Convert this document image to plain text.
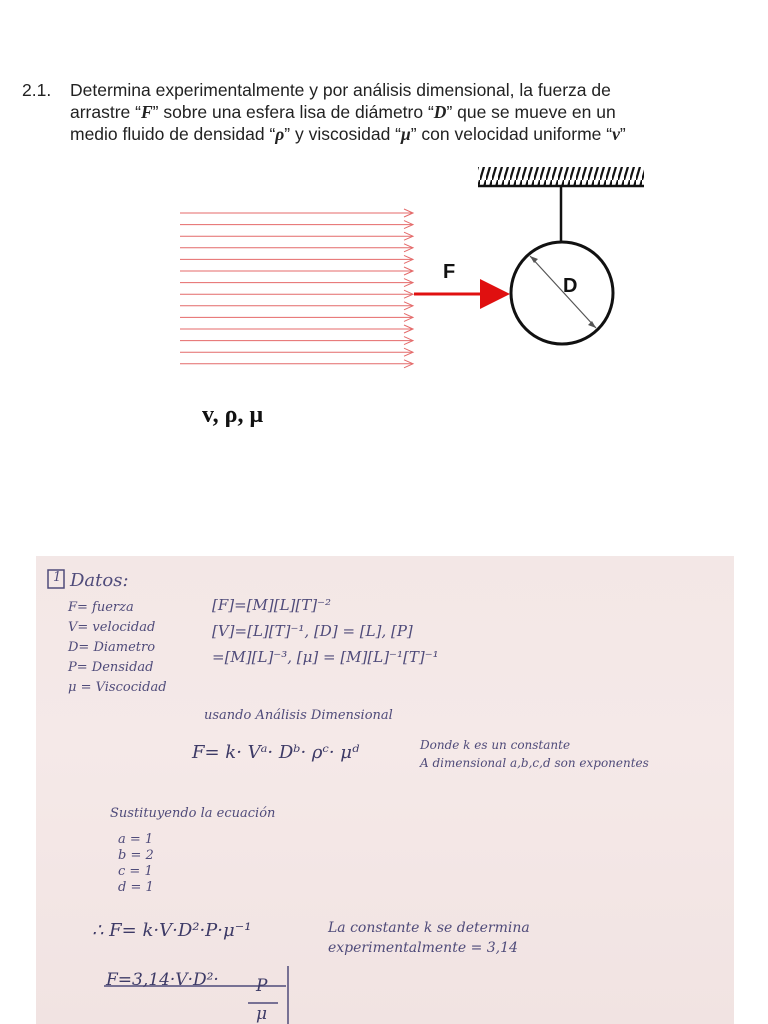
2.1. Determina experimentalmente y por análisis dimensional, la fuerza de
arrastre “F” sobre una esfera lisa de diámetro “D” que se mueve en un
medio fluido de densidad “ρ” y viscosidad “μ” con velocidad uniforme “v”
D
F
v, ρ, μ
1 Datos:
F= fuerza
V= velocidad
D= Diametro
P= Densidad
μ = Viscocidad
[F]=[M][L][T]⁻²
[V]=[L][T]⁻¹, [D] = [L], [P]
=[M][L]⁻³, [μ] = [M][L]⁻¹[T]⁻¹
usando Análisis Dimensional
F= k· Vᵃ· Dᵇ· ρᶜ· μᵈ	Donde k es un constante
A dimensional a,b,c,d son exponentes
Sustituyendo la ecuación
a = 1
b = 2
c = 1
d = 1
∴ F= k·V·D²·P·μ⁻¹	La constante k se determina
experimentalmente = 3,14
F=3,14·V·D²· P
μ
